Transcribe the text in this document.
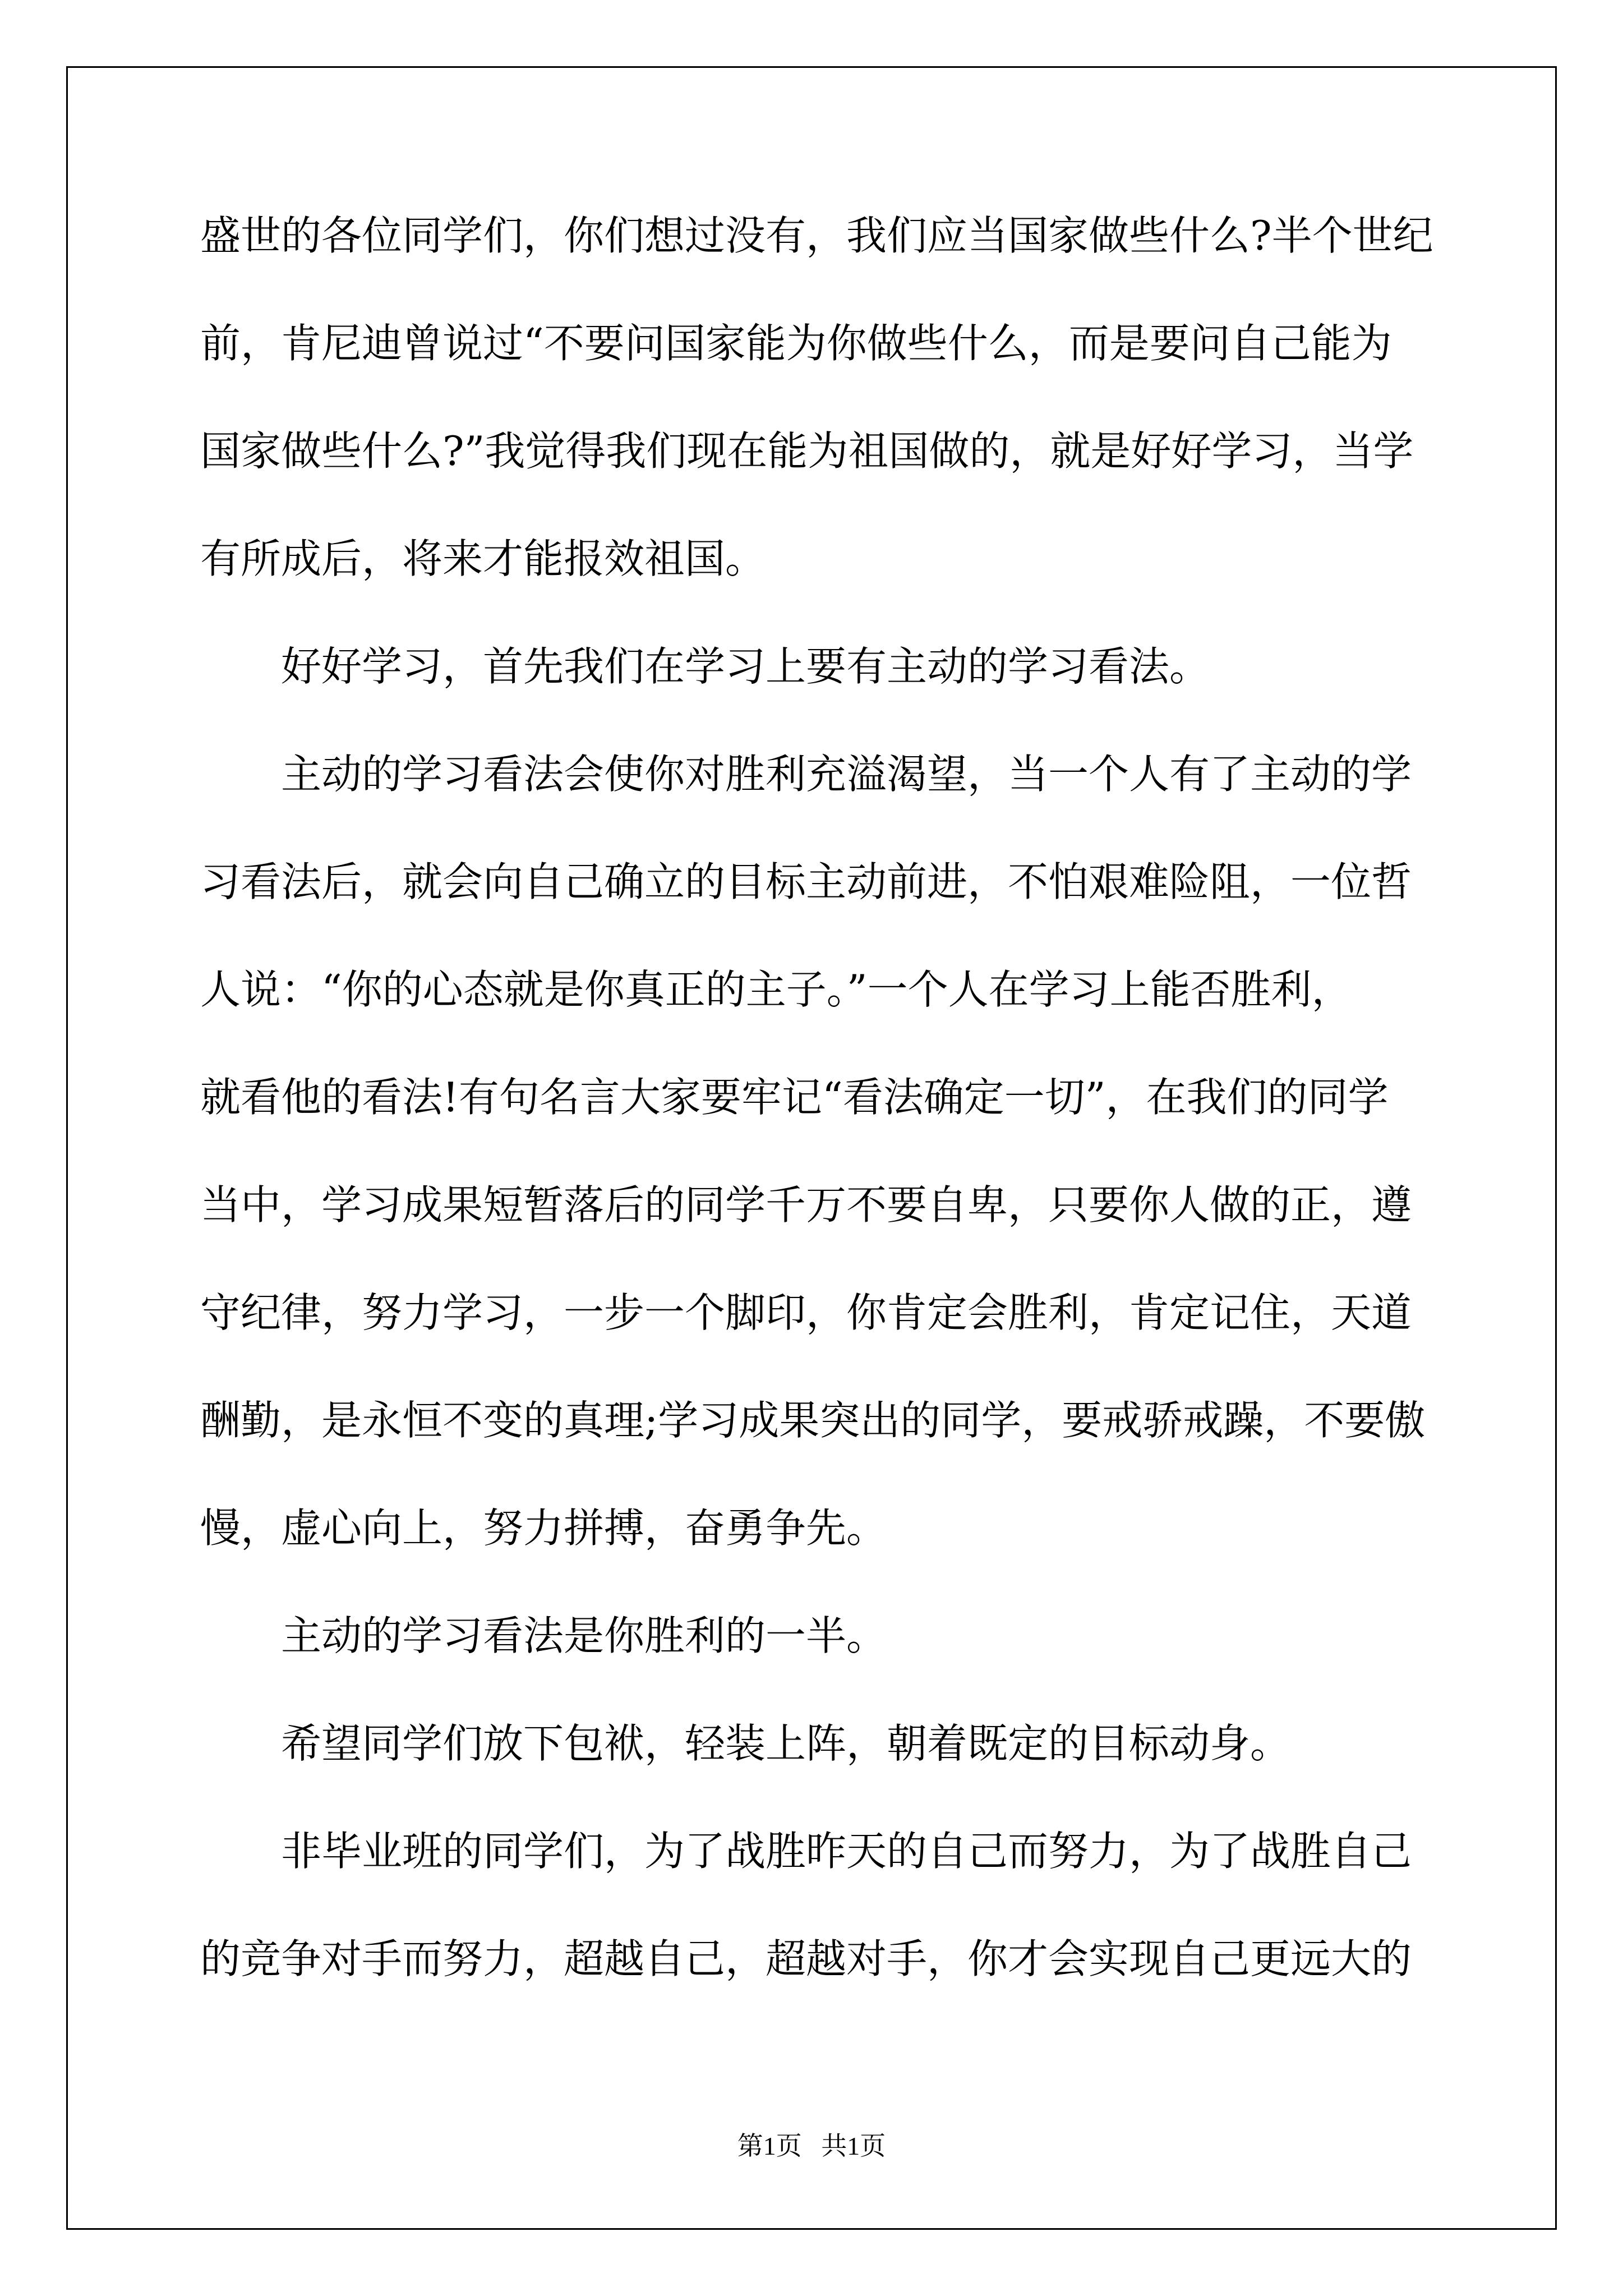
盛世的各位同学们，你们想过没有，我们应当国家做些什么?半个世纪
前，肯尼迪曾说过“不要问国家能为你做些什么，而是要问自己能为
国家做些什么?”我觉得我们现在能为祖国做的，就是好好学习，当学
有所成后，将来才能报效祖国。
好好学习，首先我们在学习上要有主动的学习看法。
主动的学习看法会使你对胜利充溢渴望，当一个人有了主动的学
习看法后，就会向自己确立的目标主动前进，不怕艰难险阻，一位哲
人说：“你的心态就是你真正的主子。”一个人在学习上能否胜利，
就看他的看法!有句名言大家要牢记“看法确定一切”，在我们的同学
当中，学习成果短暂落后的同学千万不要自卑，只要你人做的正，遵
守纪律，努力学习，一步一个脚印，你肯定会胜利，肯定记住，天道
酬勤，是永恒不变的真理;学习成果突出的同学，要戒骄戒躁，不要傲
慢，虚心向上，努力拼搏，奋勇争先。
主动的学习看法是你胜利的一半。
希望同学们放下包袱，轻装上阵，朝着既定的目标动身。
非毕业班的同学们，为了战胜昨天的自己而努力，为了战胜自己
的竞争对手而努力，超越自己，超越对手，你才会实现自己更远大的
第1页   共1页
